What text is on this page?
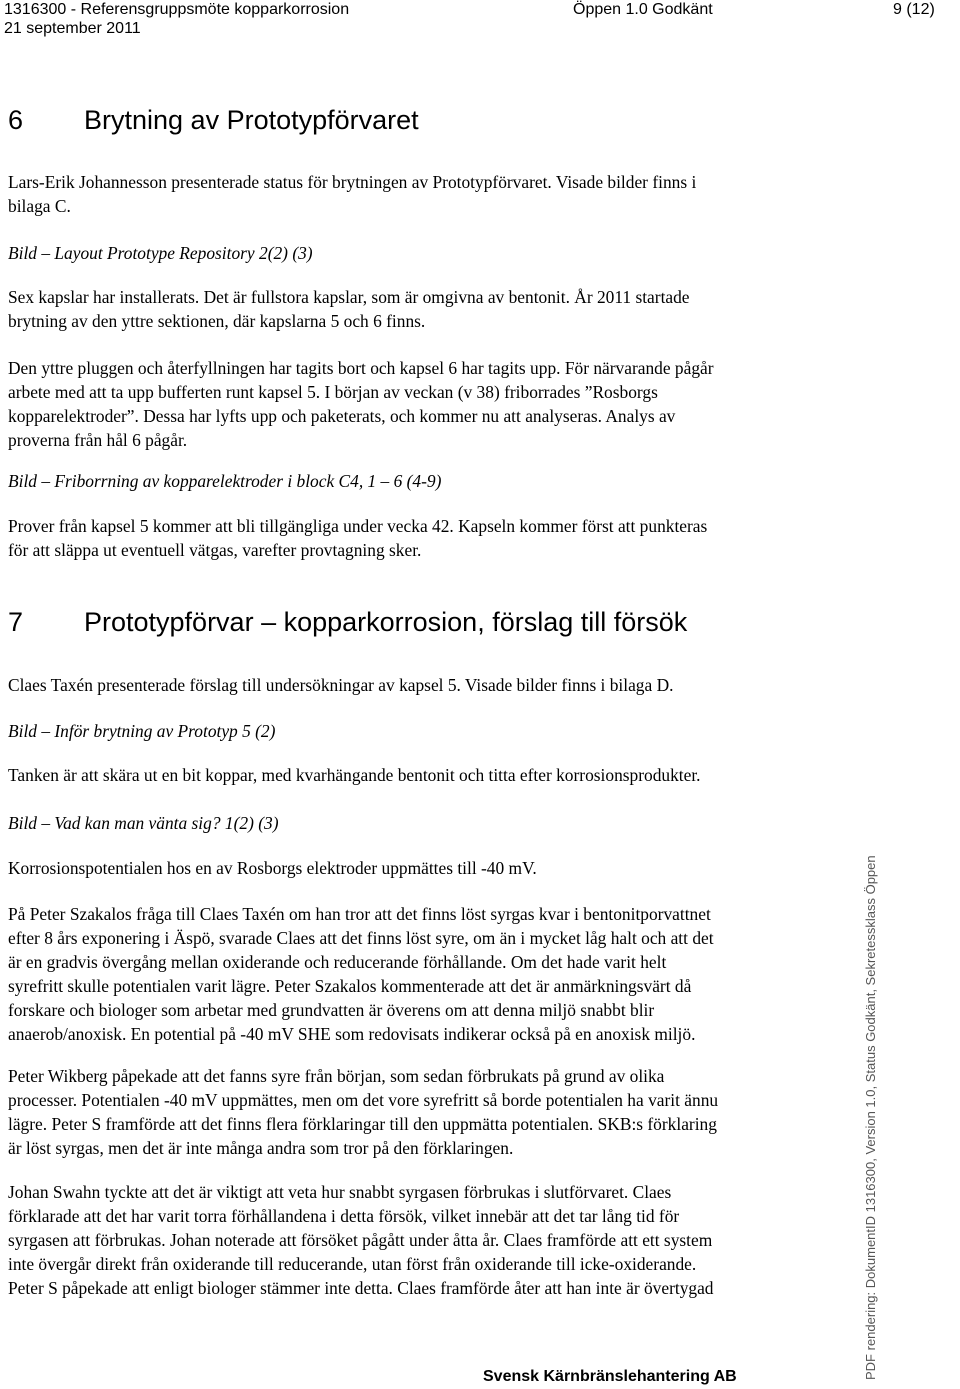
1316300 - Referensgruppsmöte kopparkorrosion
21 september 2011
Öppen 1.0 Godkänt	9 (12)
6 Brytning av Prototypförvaret
Lars-Erik Johannesson presenterade status för brytningen av Prototypförvaret. Visade bilder finns i
bilaga C.
Bild – Layout Prototype Repository 2(2) (3)
Sex kapslar har installerats. Det är fullstora kapslar, som är omgivna av bentonit. År 2011 startade
brytning av den yttre sektionen, där kapslarna 5 och 6 finns.
Den yttre pluggen och återfyllningen har tagits bort och kapsel 6 har tagits upp. För närvarande pågår
arbete med att ta upp bufferten runt kapsel 5. I början av veckan (v 38) friborrades ”Rosborgs
kopparelektroder”. Dessa har lyfts upp och paketerats, och kommer nu att analyseras. Analys av
proverna från hål 6 pågår.
Bild – Friborrning av kopparelektroder i block C4, 1 – 6 (4-9)
Prover från kapsel 5 kommer att bli tillgängliga under vecka 42. Kapseln kommer först att punkteras
för att släppa ut eventuell vätgas, varefter provtagning sker.
7 Prototypförvar – kopparkorrosion, förslag till försök
Claes Taxén presenterade förslag till undersökningar av kapsel 5. Visade bilder finns i bilaga D.
Bild – Inför brytning av Prototyp 5 (2)
Tanken är att skära ut en bit koppar, med kvarhängande bentonit och titta efter korrosionsprodukter.
Bild – Vad kan man vänta sig? 1(2) (3)
Korrosionspotentialen hos en av Rosborgs elektroder uppmättes till -40 mV.
På Peter Szakalos fråga till Claes Taxén om han tror att det finns löst syrgas kvar i bentonitporvattnet
efter 8 års exponering i Äspö, svarade Claes att det finns löst syre, om än i mycket låg halt och att det
är en gradvis övergång mellan oxiderande och reducerande förhållande. Om det hade varit helt
syrefritt skulle potentialen varit lägre. Peter Szakalos kommenterade att det är anmärkningsvärt då
forskare och biologer som arbetar med grundvatten är överens om att denna miljö snabbt blir
anaerob/anoxisk. En potential på -40 mV SHE som redovisats indikerar också på en anoxisk miljö.
Peter Wikberg påpekade att det fanns syre från början, som sedan förbrukats på grund av olika
processer. Potentialen -40 mV uppmättes, men om det vore syrefritt så borde potentialen ha varit ännu
lägre. Peter S framförde att det finns flera förklaringar till den uppmätta potentialen. SKB:s förklaring
är löst syrgas, men det är inte många andra som tror på den förklaringen.
Johan Swahn tyckte att det är viktigt att veta hur snabbt syrgasen förbrukas i slutförvaret. Claes
förklarade att det har varit torra förhållandena i detta försök, vilket innebär att det tar lång tid för
syrgasen att förbrukas. Johan noterade att försöket pågått under åtta år. Claes framförde att ett system
inte övergår direkt från oxiderande till reducerande, utan först från oxiderande till icke-oxiderande.
Peter S påpekade att enligt biologer stämmer inte detta. Claes framförde åter att han inte är övertygad
Svensk Kärnbränslehantering AB	PDF rendering: DokumentID 1316300, Version 1.0, Status Godkänt, Sekretessklass Öppen
